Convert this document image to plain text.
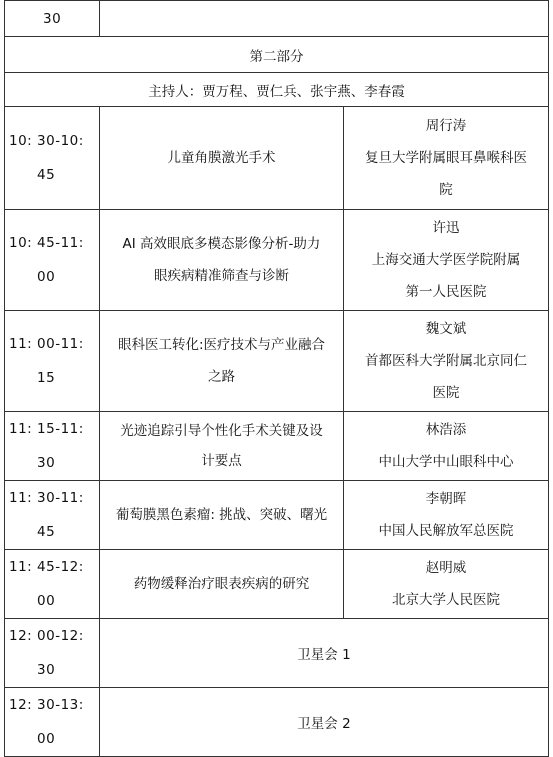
30		

第二部分		
主持人：贾万程、贾仁兵、张宇燕、李春霞		

10: 30-10:
45	儿童角膜激光手术	周行涛
复旦大学附属眼耳鼻喉科医
院

10: 45-11:
00	AI 高效眼底多模态影像分析-助力
眼疾病精准筛查与诊断	许迅
上海交通大学医学院附属
第一人民医院

11: 00-11:
15	眼科医工转化:医疗技术与产业融合
之路	魏文斌
首都医科大学附属北京同仁
医院

11: 15-11:
30	光迹追踪引导个性化手术关键及设
计要点	林浩添
中山大学中山眼科中心

11: 30-11:
45	葡萄膜黑色素瘤: 挑战、突破、曙光	李朝晖
中国人民解放军总医院

11: 45-12:
00	药物缓释治疗眼表疾病的研究	赵明威
北京大学人民医院

12: 00-12:
30	卫星会 1	

12: 30-13:
00	卫星会 2	
